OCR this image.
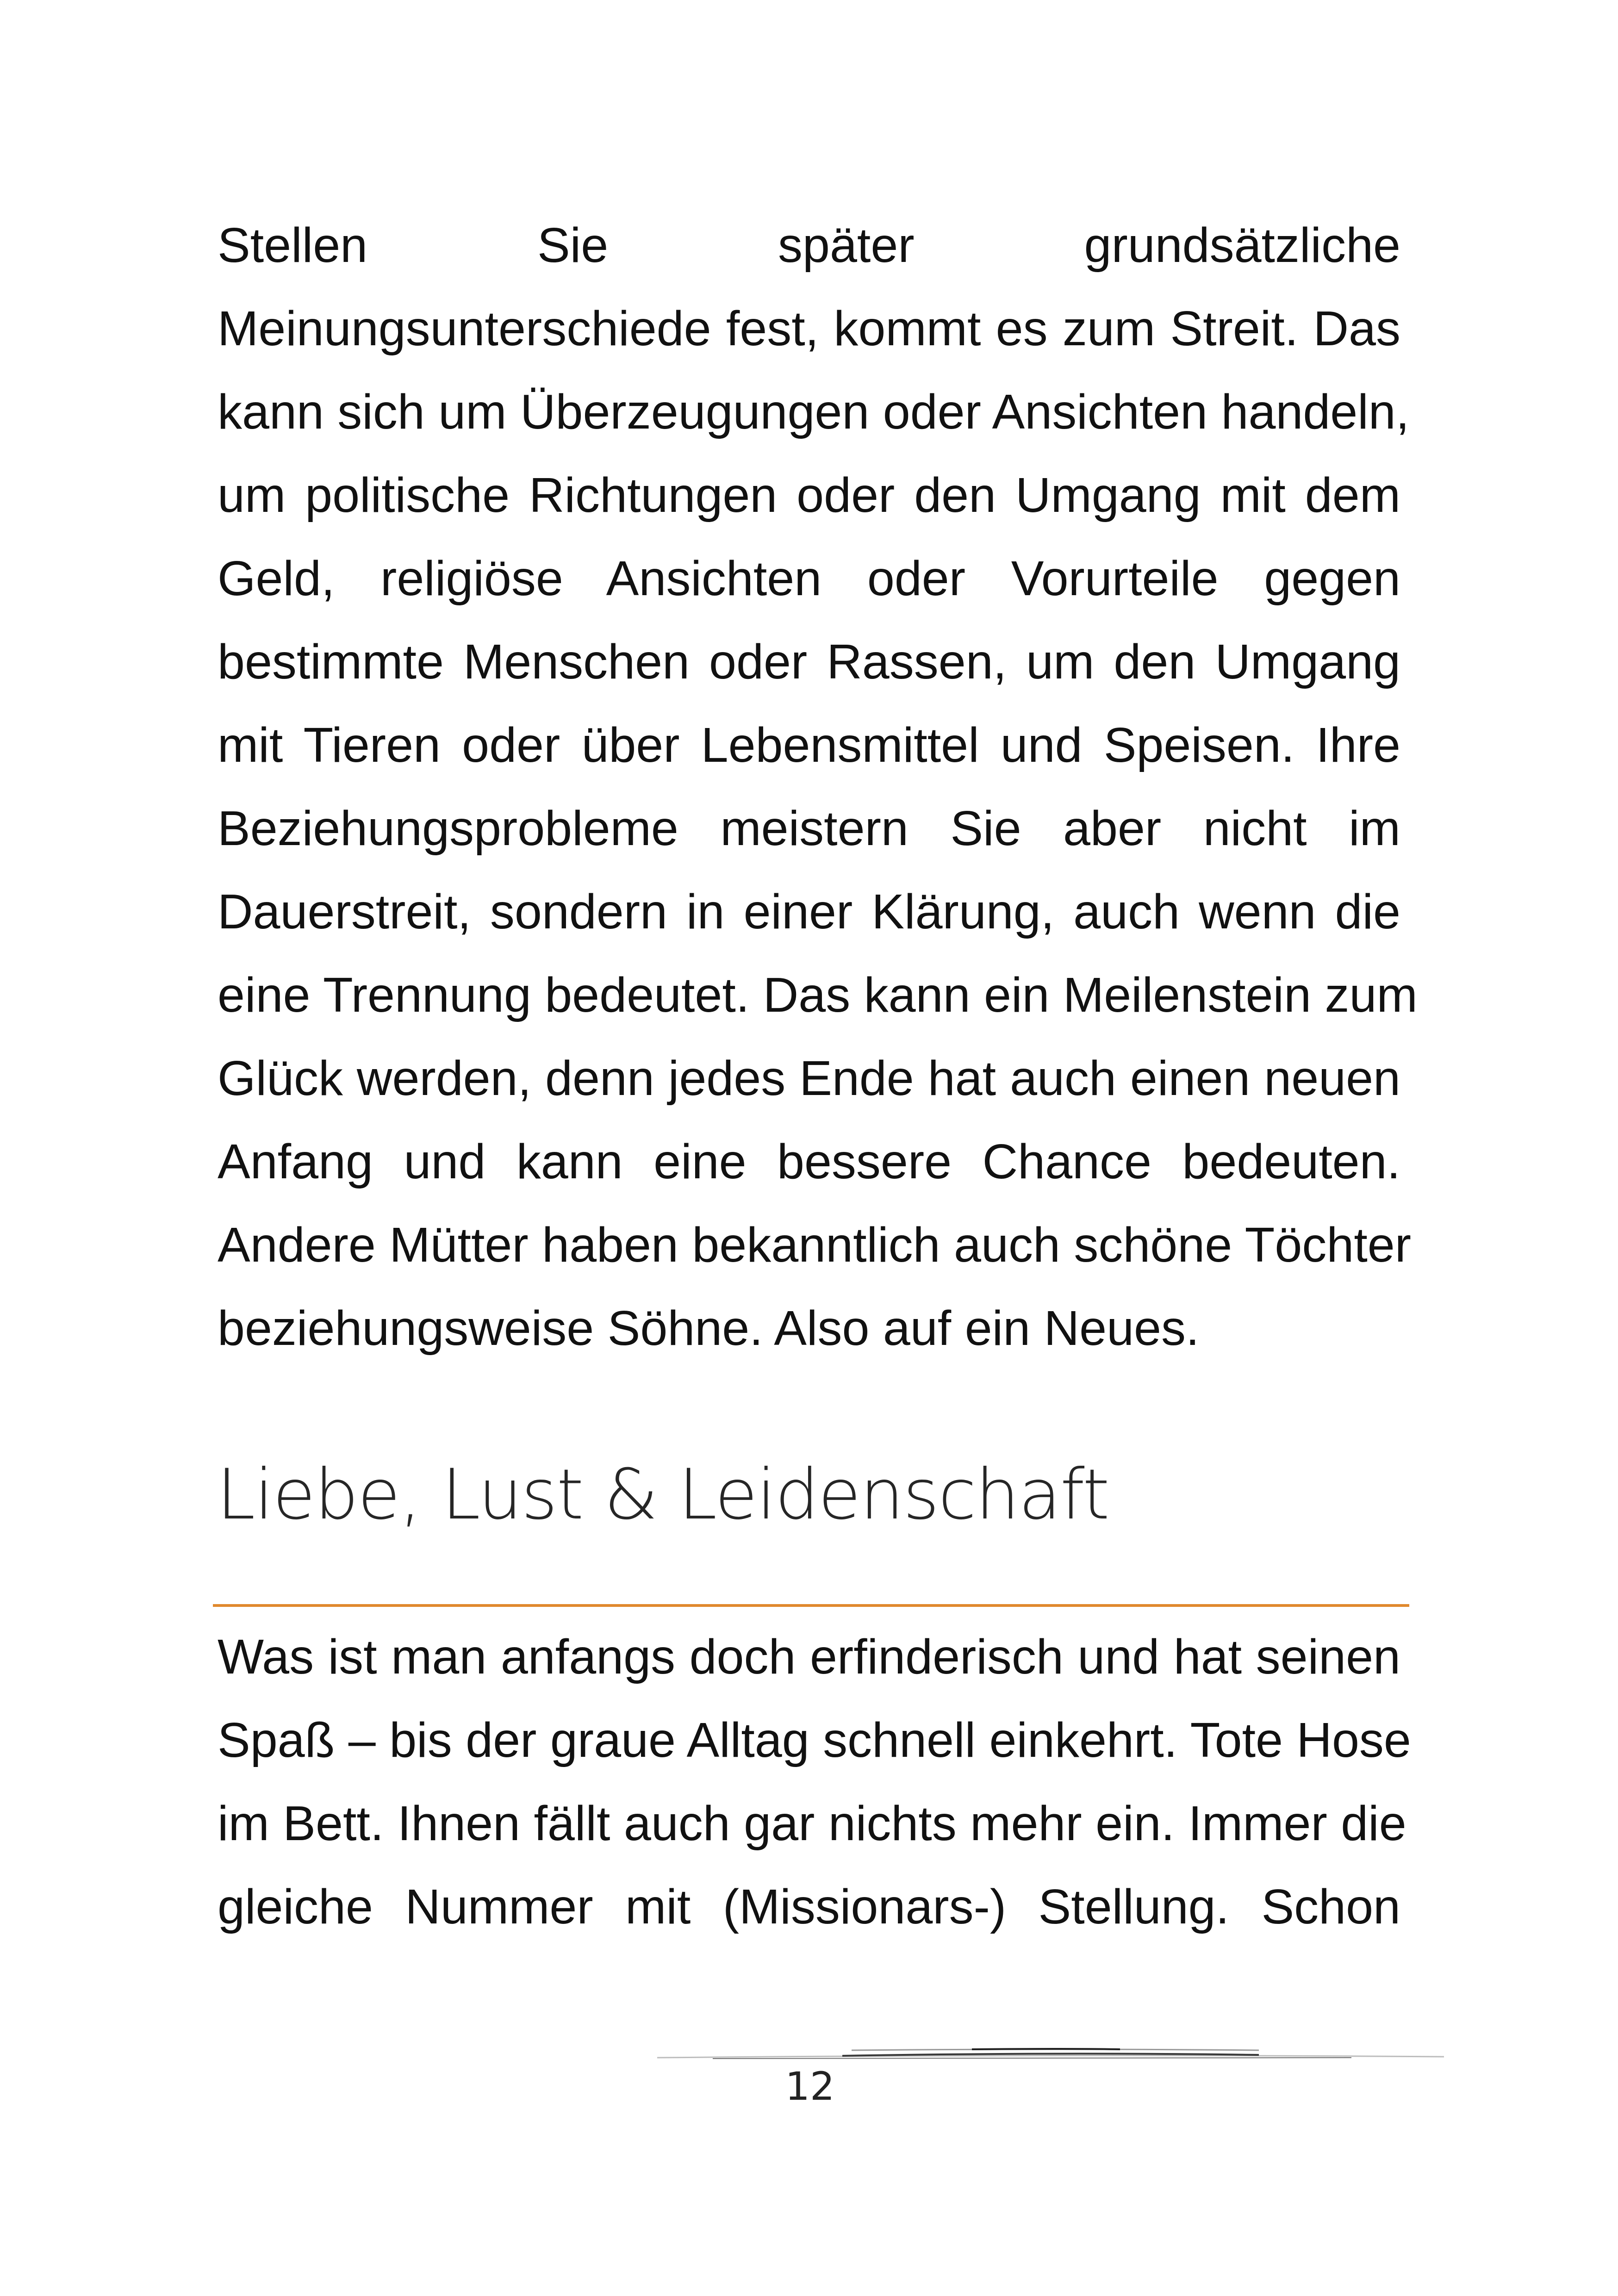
Stellen Sie später grundsätzliche
Meinungsunterschiede fest, kommt es zum Streit. Das
kann sich um Überzeugungen oder Ansichten handeln,
um politische Richtungen oder den Umgang mit dem
Geld, religiöse Ansichten oder Vorurteile gegen
bestimmte Menschen oder Rassen, um den Umgang
mit Tieren oder über Lebensmittel und Speisen. Ihre
Beziehungsprobleme meistern Sie aber nicht im
Dauerstreit, sondern in einer Klärung, auch wenn die
eine Trennung bedeutet. Das kann ein Meilenstein zum
Glück werden, denn jedes Ende hat auch einen neuen
Anfang und kann eine bessere Chance bedeuten.
Andere Mütter haben bekanntlich auch schöne Töchter
beziehungsweise Söhne. Also auf ein Neues.
Liebe, Lust & Leidenschaft
Was ist man anfangs doch erfinderisch und hat seinen
Spaß – bis der graue Alltag schnell einkehrt. Tote Hose
im Bett. Ihnen fällt auch gar nichts mehr ein. Immer die
gleiche Nummer mit (Missionars-) Stellung. Schon
12
